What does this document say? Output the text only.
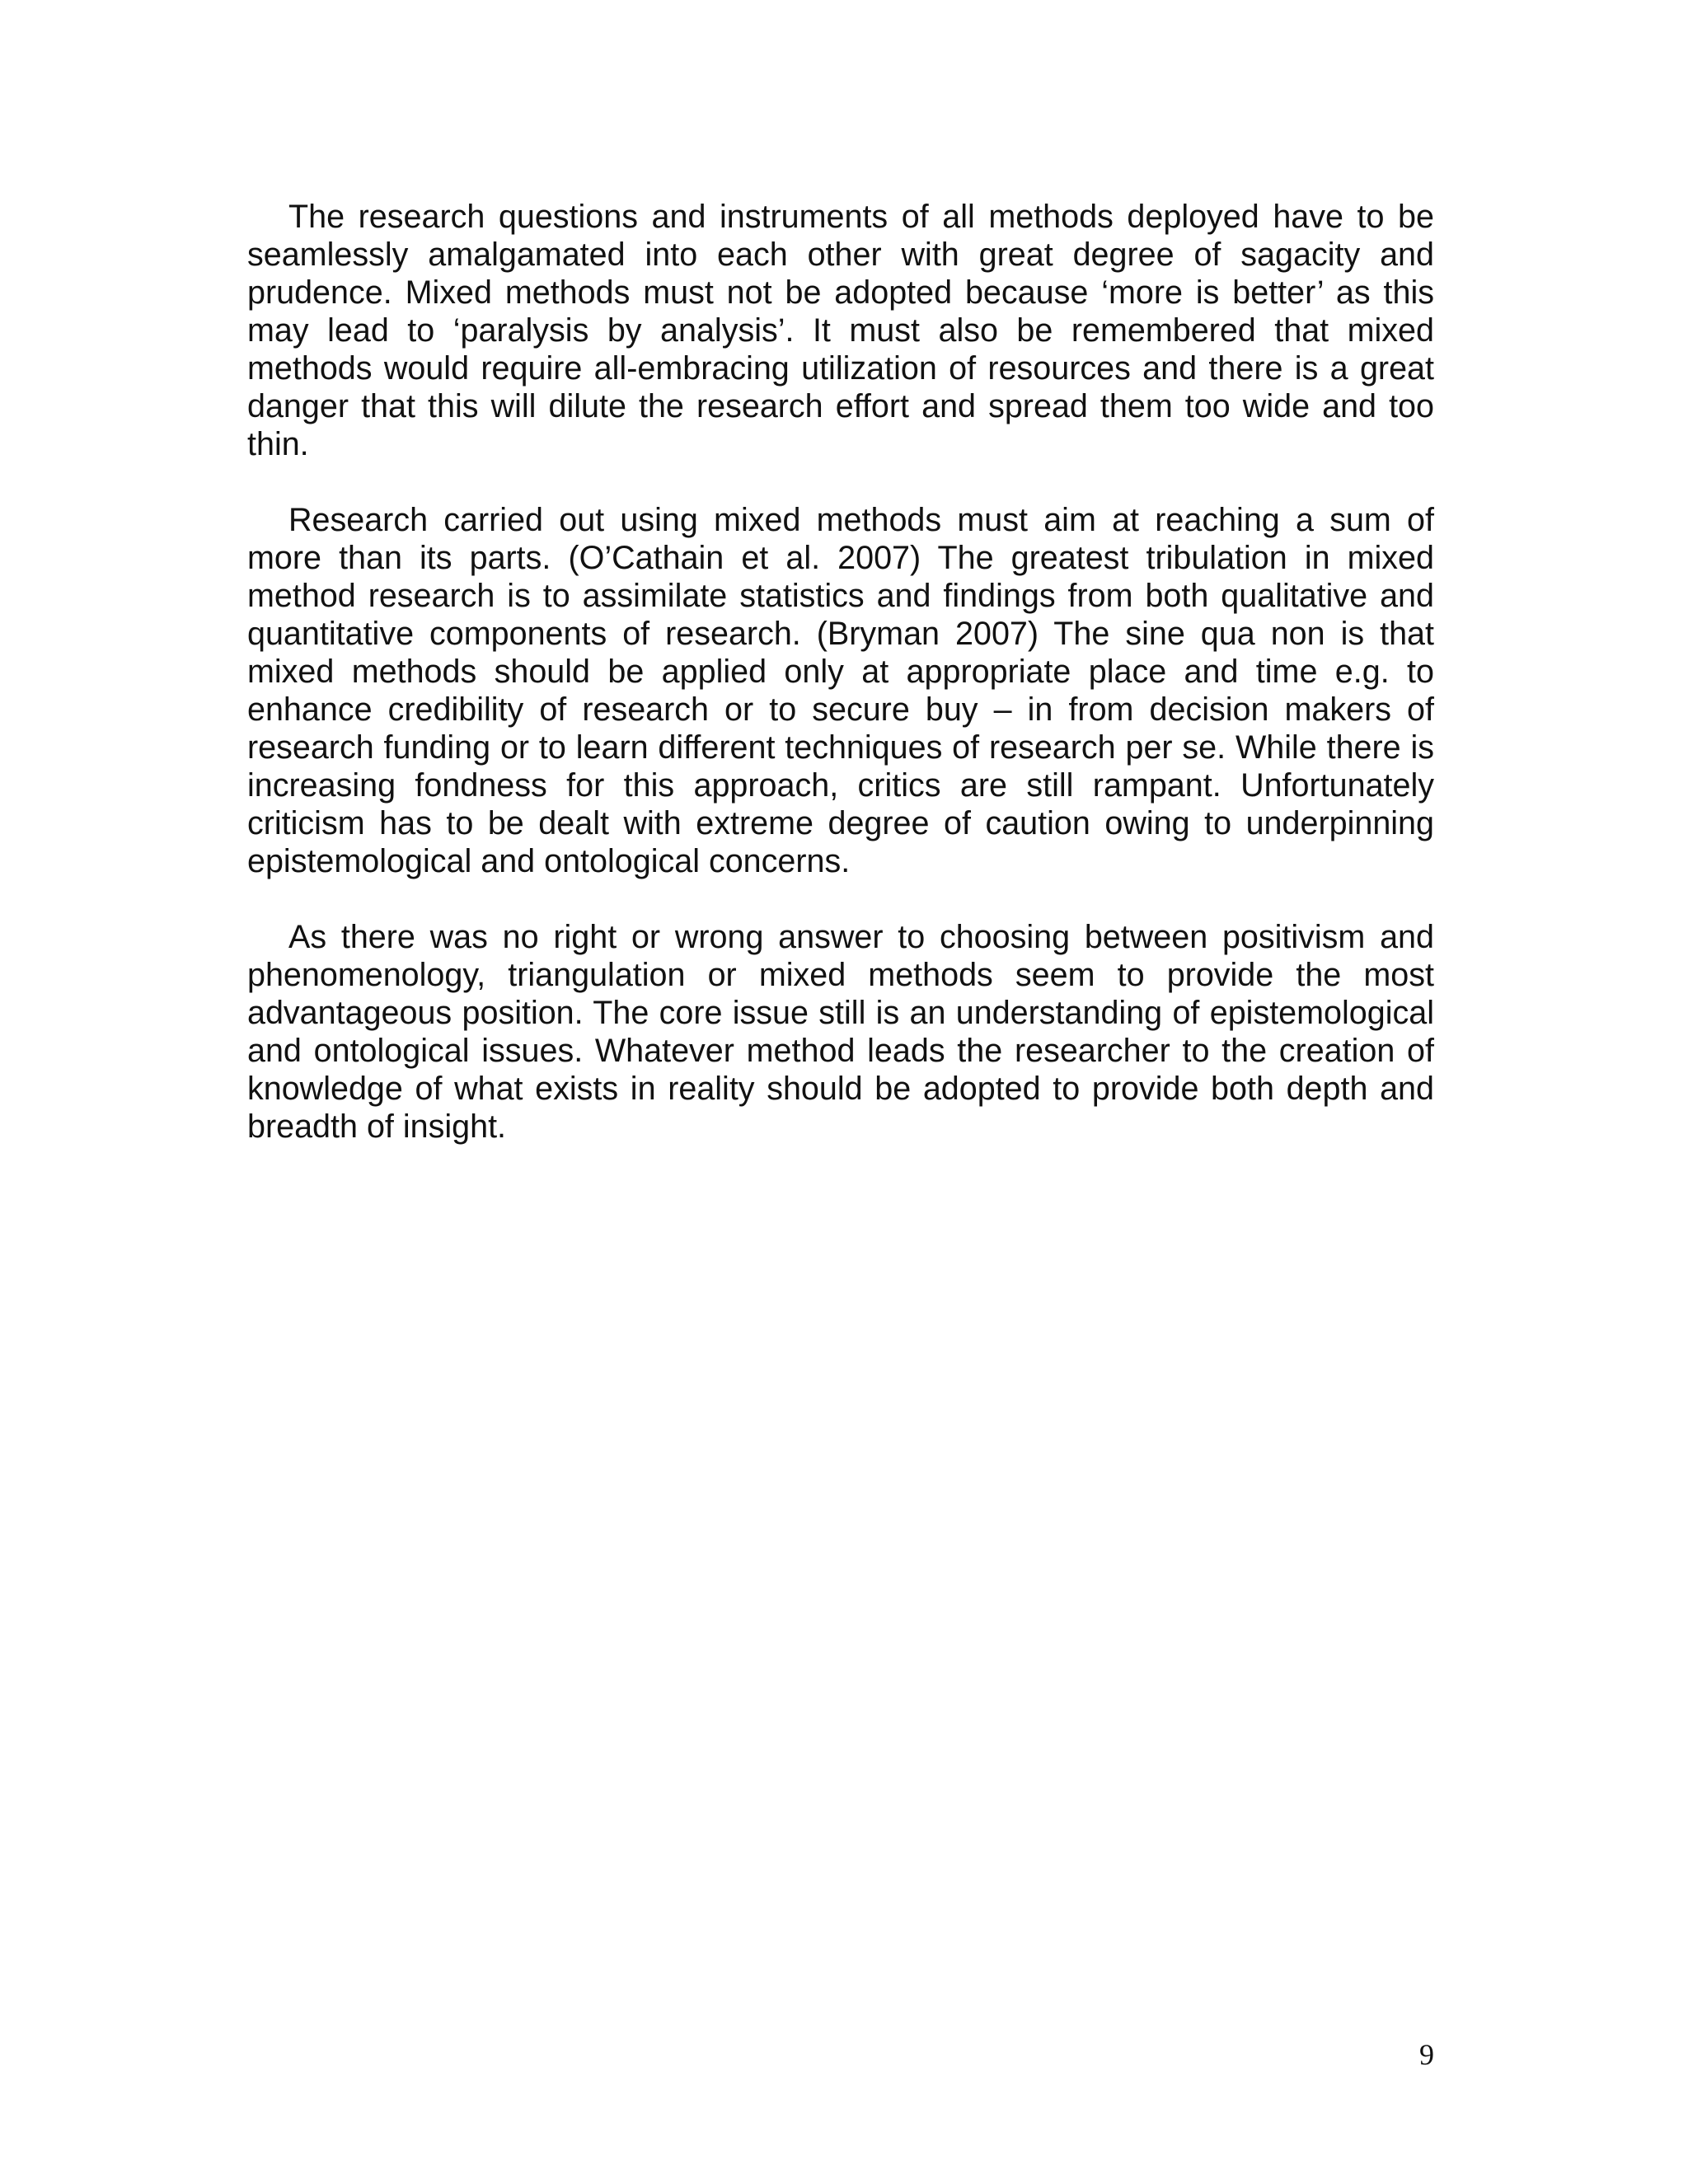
The research questions and instruments of all methods deployed have to be seamlessly amalgamated into each other with great degree of sagacity and prudence. Mixed methods must not be adopted because ‘more is better’ as this may lead to ‘paralysis by analysis’. It must also be remembered that mixed methods would require all-embracing utilization of resources and there is a great danger that this will dilute the research effort and spread them too wide and too thin.

Research carried out using mixed methods must aim at reaching a sum of more than its parts. (O’Cathain et al. 2007) The greatest tribulation in mixed method research is to assimilate statistics and findings from both qualitative and quantitative components of research. (Bryman 2007) The sine qua non is that mixed methods should be applied only at appropriate place and time e.g. to enhance credibility of research or to secure buy – in from decision makers of research funding or to learn different techniques of research per se. While there is increasing fondness for this approach, critics are still rampant. Unfortunately criticism has to be dealt with extreme degree of caution owing to underpinning epistemological and ontological concerns.

As there was no right or wrong answer to choosing between positivism and phenomenology, triangulation or mixed methods seem to provide the most advantageous position. The core issue still is an understanding of epistemological and ontological issues. Whatever method leads the researcher to the creation of knowledge of what exists in reality should be adopted to provide both depth and breadth of insight.

9
